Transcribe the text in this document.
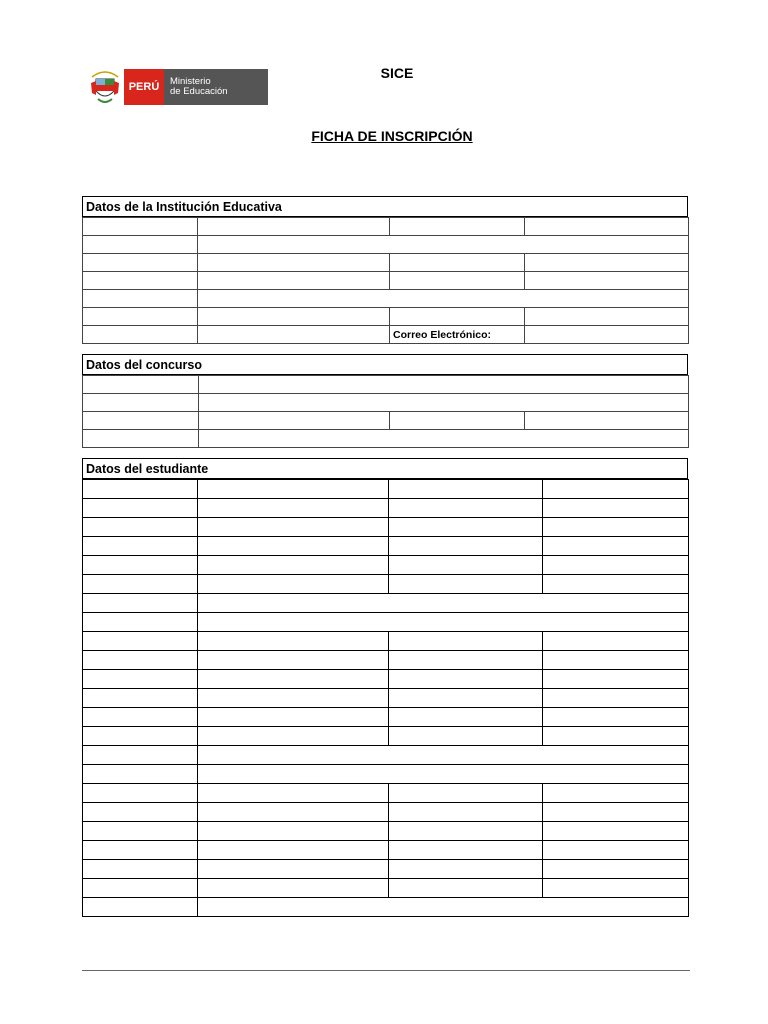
PERÚ	Ministerio
de Educación
SICE
FICHA DE INSCRIPCIÓN
Datos de la Institución Educativa

		Correo Electrónico:	
Datos del concurso

Datos del estudiante
